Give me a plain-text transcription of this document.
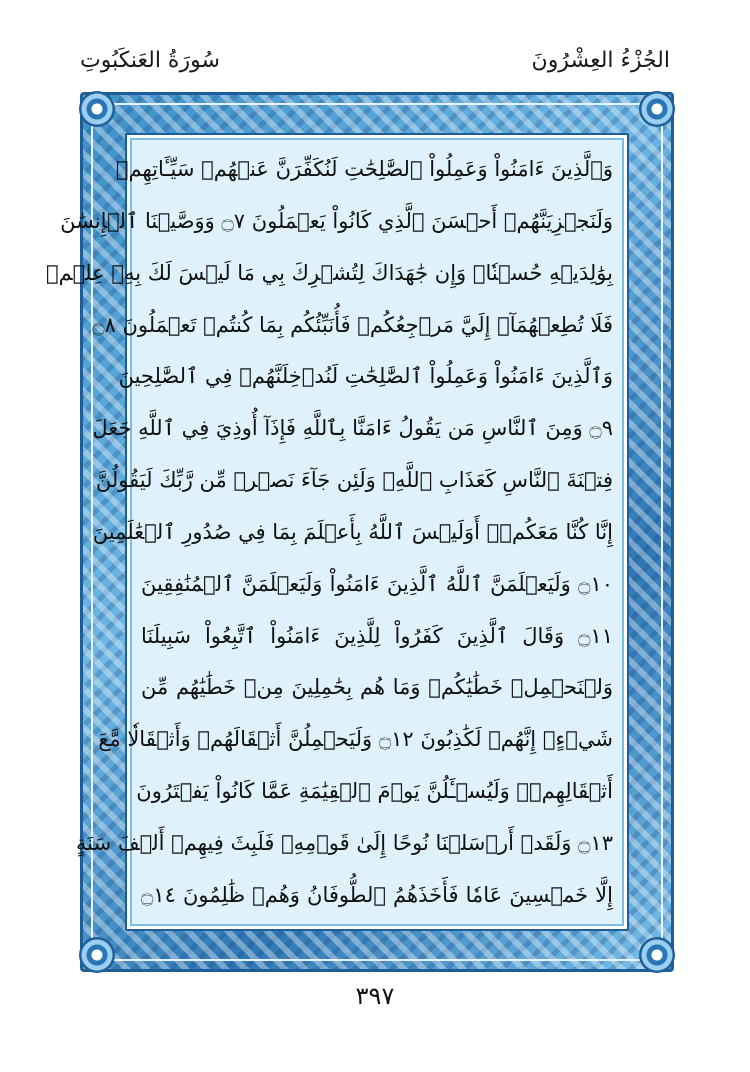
الجُزْءُ العِشْرُونَ
سُورَةُ العَنكَبُوتِ
وَٱلَّذِينَ ءَامَنُواْ وَعَمِلُواْ ٱلصَّٰلِحَٰتِ لَنُكَفِّرَنَّ عَنۡهُمۡ سَيِّـَٔاتِهِمۡ
وَلَنَجۡزِيَنَّهُمۡ أَحۡسَنَ ٱلَّذِي كَانُواْ يَعۡمَلُونَ ۝٧ وَوَصَّيۡنَا ٱلۡإِنسَٰنَ
بِوَٰلِدَيۡهِ حُسۡنٗاۖ وَإِن جَٰهَدَاكَ لِتُشۡرِكَ بِي مَا لَيۡسَ لَكَ بِهِۦ عِلۡمٞ
فَلَا تُطِعۡهُمَآۚ إِلَيَّ مَرۡجِعُكُمۡ فَأُنَبِّئُكُم بِمَا كُنتُمۡ تَعۡمَلُونَ ۝٨
وَٱلَّذِينَ ءَامَنُواْ وَعَمِلُواْ ٱلصَّٰلِحَٰتِ لَنُدۡخِلَنَّهُمۡ فِي ٱلصَّٰلِحِينَ
۝٩ وَمِنَ ٱلنَّاسِ مَن يَقُولُ ءَامَنَّا بِٱللَّهِ فَإِذَآ أُوذِيَ فِي ٱللَّهِ جَعَلَ
فِتۡنَةَ ٱلنَّاسِ كَعَذَابِ ٱللَّهِۖ وَلَئِن جَآءَ نَصۡرٞ مِّن رَّبِّكَ لَيَقُولُنَّ
إِنَّا كُنَّا مَعَكُمۡۚ أَوَلَيۡسَ ٱللَّهُ بِأَعۡلَمَ بِمَا فِي صُدُورِ ٱلۡعَٰلَمِينَ
۝١٠ وَلَيَعۡلَمَنَّ ٱللَّهُ ٱلَّذِينَ ءَامَنُواْ وَلَيَعۡلَمَنَّ ٱلۡمُنَٰفِقِينَ
۝١١ وَقَالَ ٱلَّذِينَ كَفَرُواْ لِلَّذِينَ ءَامَنُواْ ٱتَّبِعُواْ سَبِيلَنَا
وَلۡنَحۡمِلۡ خَطَٰيَٰكُمۡ وَمَا هُم بِحَٰمِلِينَ مِنۡ خَطَٰيَٰهُم مِّن
شَيۡءٍۖ إِنَّهُمۡ لَكَٰذِبُونَ ۝١٢ وَلَيَحۡمِلُنَّ أَثۡقَالَهُمۡ وَأَثۡقَالٗا مَّعَ
أَثۡقَالِهِمۡۖ وَلَيُسۡـَٔلُنَّ يَوۡمَ ٱلۡقِيَٰمَةِ عَمَّا كَانُواْ يَفۡتَرُونَ
۝١٣ وَلَقَدۡ أَرۡسَلۡنَا نُوحًا إِلَىٰ قَوۡمِهِۦ فَلَبِثَ فِيهِمۡ أَلۡفَ سَنَةٍ
إِلَّا خَمۡسِينَ عَامٗا فَأَخَذَهُمُ ٱلطُّوفَانُ وَهُمۡ ظَٰلِمُونَ ۝١٤
٣٩٧
